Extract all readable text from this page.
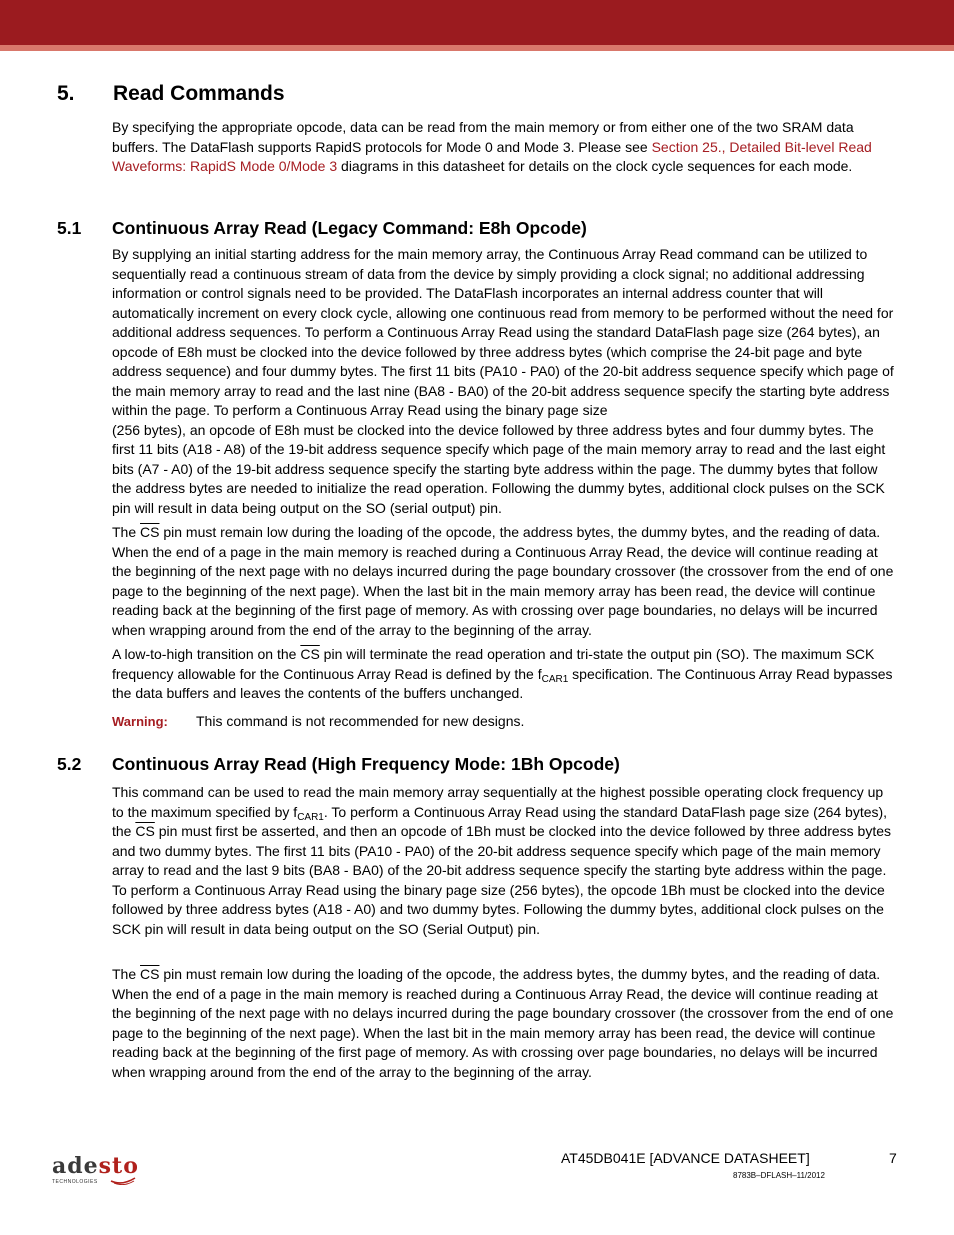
5. Read Commands
By specifying the appropriate opcode, data can be read from the main memory or from either one of the two SRAM data buffers. The DataFlash supports RapidS protocols for Mode 0 and Mode 3. Please see Section 25., Detailed Bit-level Read Waveforms: RapidS Mode 0/Mode 3 diagrams in this datasheet for details on the clock cycle sequences for each mode.
5.1 Continuous Array Read (Legacy Command: E8h Opcode)
By supplying an initial starting address for the main memory array, the Continuous Array Read command can be utilized to sequentially read a continuous stream of data from the device by simply providing a clock signal; no additional addressing information or control signals need to be provided. The DataFlash incorporates an internal address counter that will automatically increment on every clock cycle, allowing one continuous read from memory to be performed without the need for additional address sequences. To perform a Continuous Array Read using the standard DataFlash page size (264 bytes), an opcode of E8h must be clocked into the device followed by three address bytes (which comprise the 24-bit page and byte address sequence) and four dummy bytes. The first 11 bits (PA10 - PA0) of the 20-bit address sequence specify which page of the main memory array to read and the last nine (BA8 - BA0) of the 20-bit address sequence specify the starting byte address within the page. To perform a Continuous Array Read using the binary page size
(256 bytes), an opcode of E8h must be clocked into the device followed by three address bytes and four dummy bytes. The first 11 bits (A18 - A8) of the 19-bit address sequence specify which page of the main memory array to read and the last eight bits (A7 - A0) of the 19-bit address sequence specify the starting byte address within the page. The dummy bytes that follow the address bytes are needed to initialize the read operation. Following the dummy bytes, additional clock pulses on the SCK pin will result in data being output on the SO (serial output) pin.
The $\overline{CS}$ pin must remain low during the loading of the opcode, the address bytes, the dummy bytes, and the reading of data. When the end of a page in the main memory is reached during a Continuous Array Read, the device will continue reading at the beginning of the next page with no delays incurred during the page boundary crossover (the crossover from the end of one page to the beginning of the next page). When the last bit in the main memory array has been read, the device will continue reading back at the beginning of the first page of memory. As with crossing over page boundaries, no delays will be incurred when wrapping around from the end of the array to the beginning of the array.
A low-to-high transition on the $\overline{CS}$ pin will terminate the read operation and tri-state the output pin (SO). The maximum SCK frequency allowable for the Continuous Array Read is defined by the $f_{CAR1}$ specification. The Continuous Array Read bypasses the data buffers and leaves the contents of the buffers unchanged.
Warning: This command is not recommended for new designs.
5.2 Continuous Array Read (High Frequency Mode: 1Bh Opcode)
This command can be used to read the main memory array sequentially at the highest possible operating clock frequency up to the maximum specified by $f_{CAR1}$. To perform a Continuous Array Read using the standard DataFlash page size (264 bytes), the $\overline{CS}$ pin must first be asserted, and then an opcode of 1Bh must be clocked into the device followed by three address bytes and two dummy bytes. The first 11 bits (PA10 - PA0) of the 20-bit address sequence specify which page of the main memory array to read and the last 9 bits (BA8 - BA0) of the 20-bit address sequence specify the starting byte address within the page. To perform a Continuous Array Read using the binary page size (256 bytes), the opcode 1Bh must be clocked into the device followed by three address bytes (A18 - A0) and two dummy bytes. Following the dummy bytes, additional clock pulses on the SCK pin will result in data being output on the SO (Serial Output) pin.
The $\overline{CS}$ pin must remain low during the loading of the opcode, the address bytes, the dummy bytes, and the reading of data. When the end of a page in the main memory is reached during a Continuous Array Read, the device will continue reading at the beginning of the next page with no delays incurred during the page boundary crossover (the crossover from the end of one page to the beginning of the next page). When the last bit in the main memory array has been read, the device will continue reading back at the beginning of the first page of memory. As with crossing over page boundaries, no delays will be incurred when wrapping around from the end of the array to the beginning of the array.
adesto
TECHNOLOGIES
AT45DB041E [ADVANCE DATASHEET]
8783B–DFLASH–11/2012
7
